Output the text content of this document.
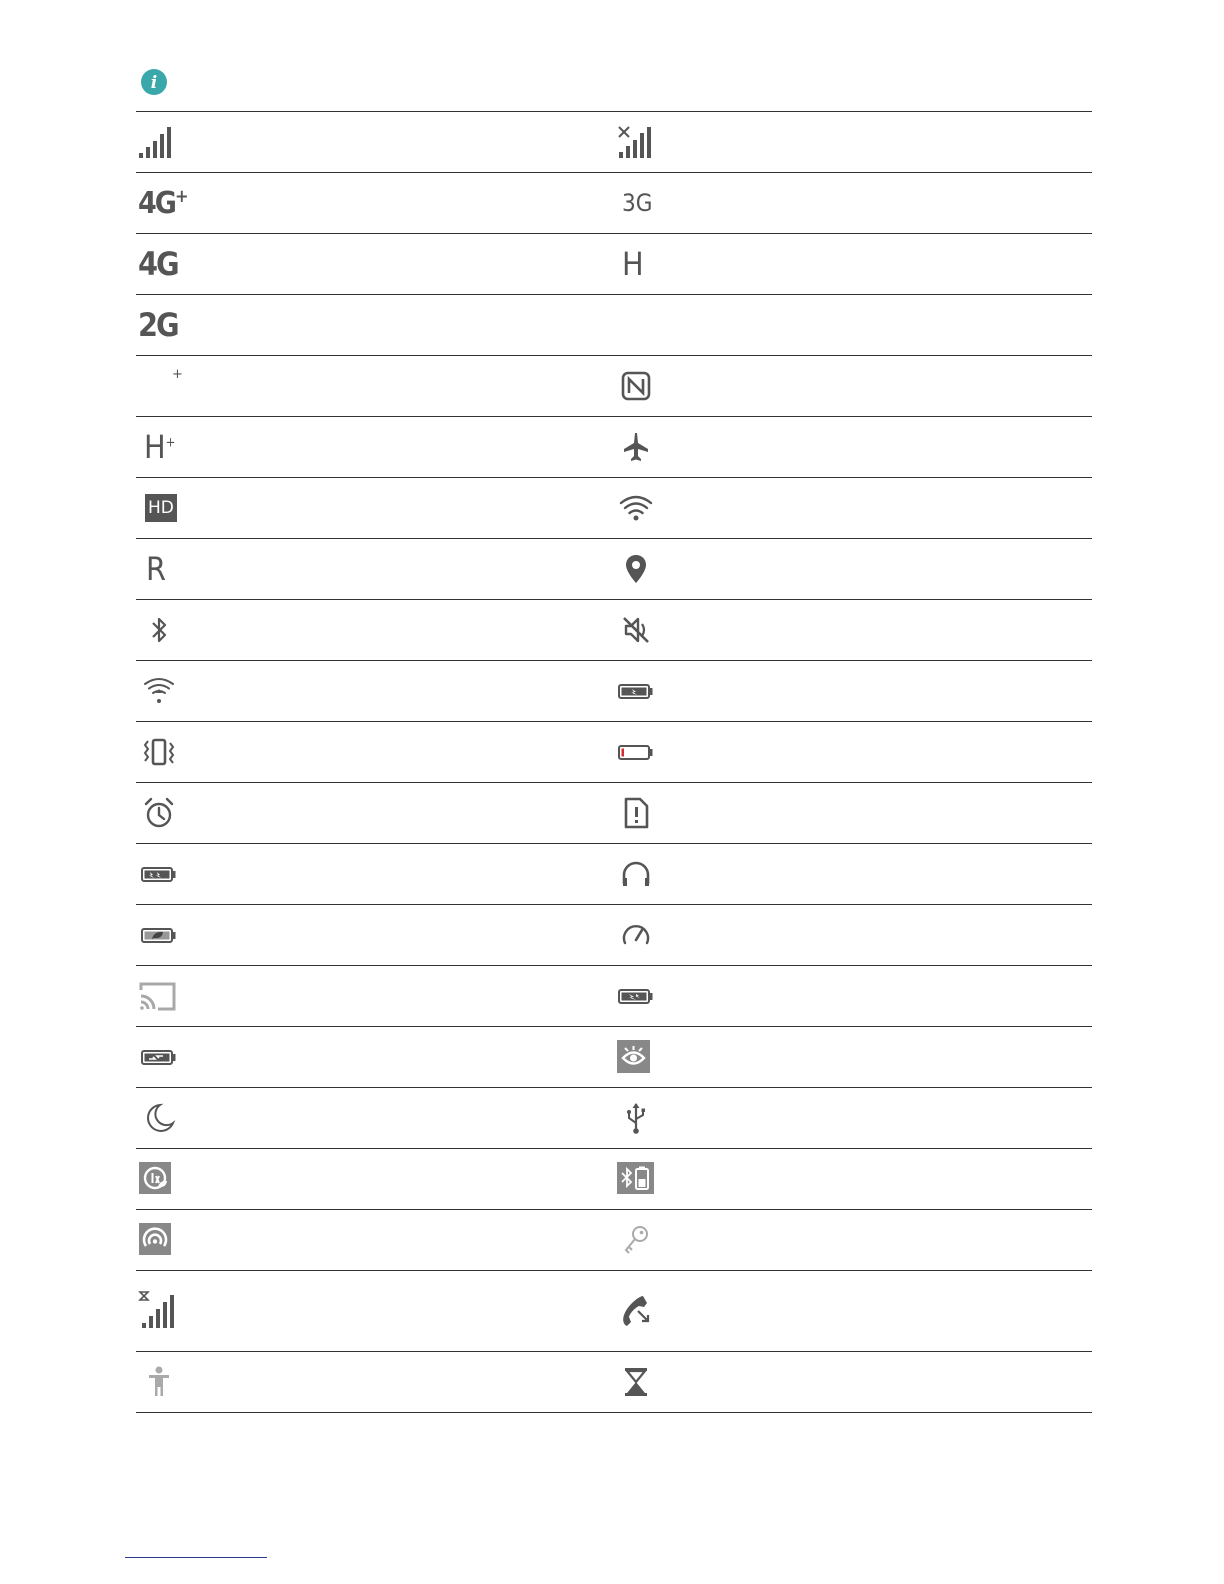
i
4G+	3G
4G	H
2G
+
H+
HD
R
